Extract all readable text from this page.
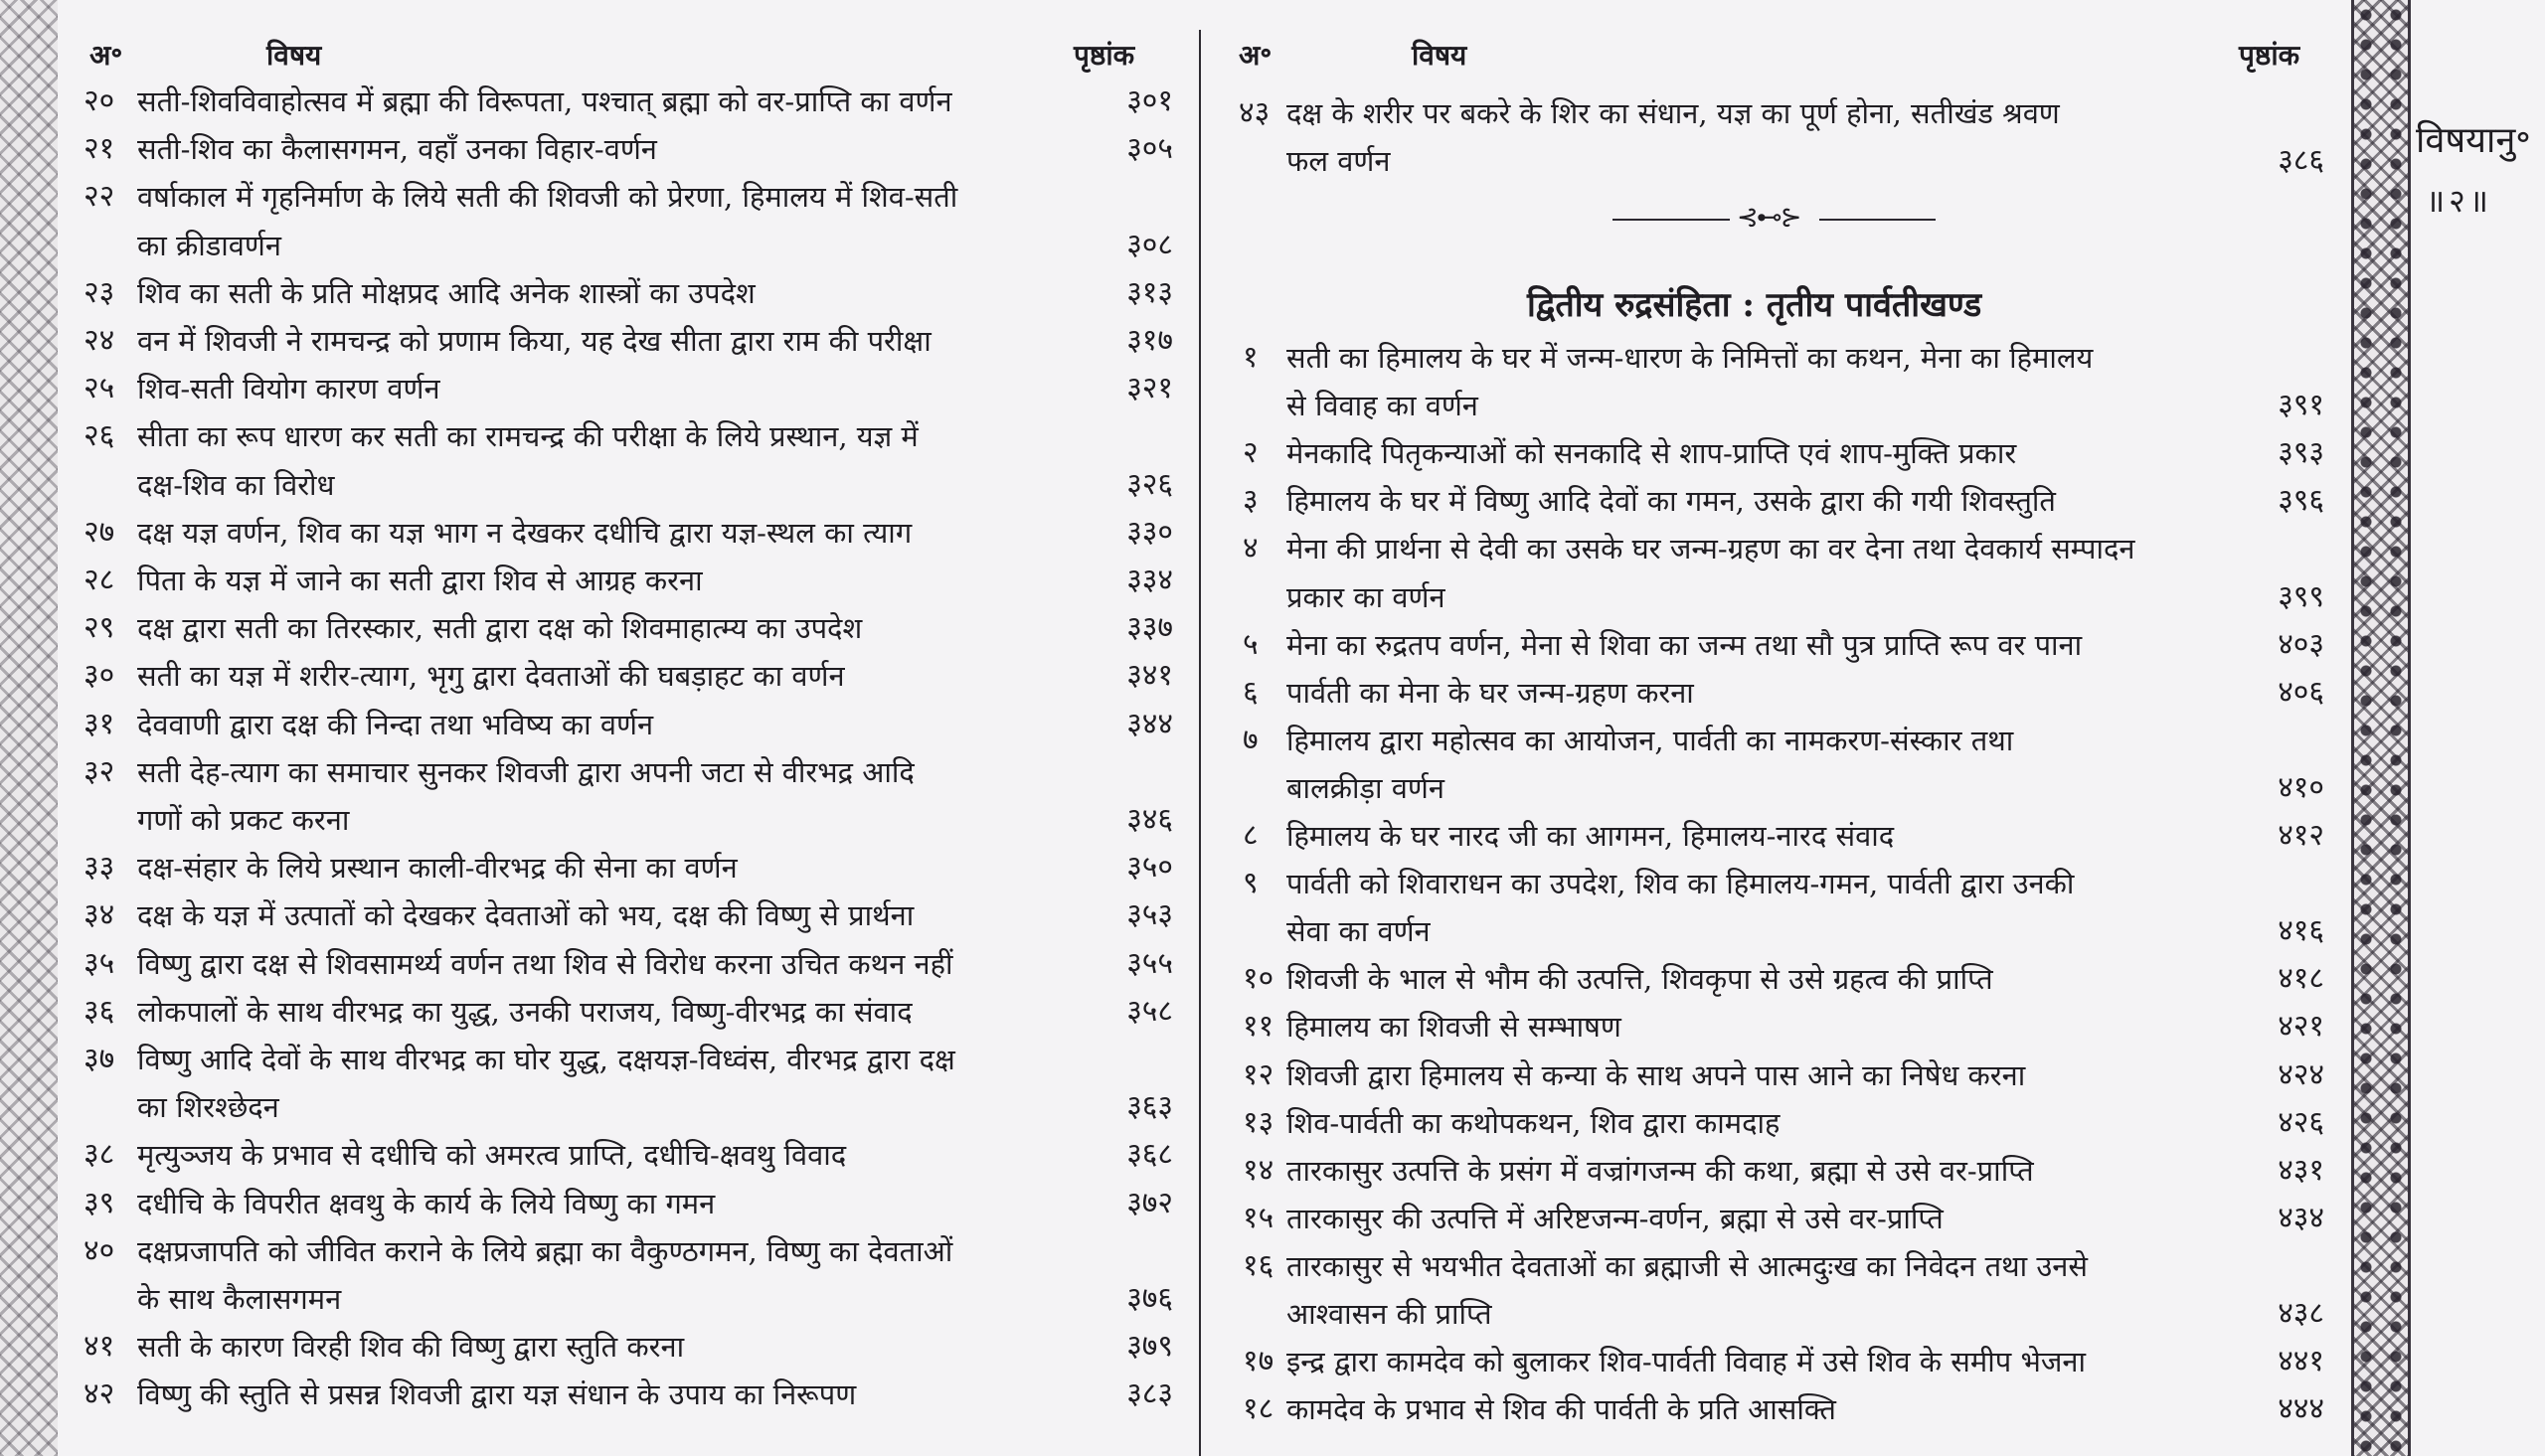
विषयानु॰
॥२॥
अ॰	विषय	पृष्ठांक	अ॰	विषय	पृष्ठांक
२० सती-शिवविवाहोत्सव में ब्रह्मा की विरूपता, पश्चात् ब्रह्मा को वर-प्राप्ति का वर्णन	३०१
२१ सती-शिव का कैलासगमन, वहाँ उनका विहार-वर्णन	३०५
२२ वर्षाकाल में गृहनिर्माण के लिये सती की शिवजी को प्रेरणा, हिमालय में शिव-सती
का क्रीडावर्णन	३०८
२३ शिव का सती के प्रति मोक्षप्रद आदि अनेक शास्त्रों का उपदेश	३१३
२४ वन में शिवजी ने रामचन्द्र को प्रणाम किया, यह देख सीता द्वारा राम की परीक्षा	३१७
२५ शिव-सती वियोग कारण वर्णन	३२१
२६ सीता का रूप धारण कर सती का रामचन्द्र की परीक्षा के लिये प्रस्थान, यज्ञ में
दक्ष-शिव का विरोध	३२६
२७ दक्ष यज्ञ वर्णन, शिव का यज्ञ भाग न देखकर दधीचि द्वारा यज्ञ-स्थल का त्याग	३३०
२८ पिता के यज्ञ में जाने का सती द्वारा शिव से आग्रह करना	३३४
२९ दक्ष द्वारा सती का तिरस्कार, सती द्वारा दक्ष को शिवमाहात्म्य का उपदेश	३३७
३० सती का यज्ञ में शरीर-त्याग, भृगु द्वारा देवताओं की घबड़ाहट का वर्णन	३४१
३१ देववाणी द्वारा दक्ष की निन्दा तथा भविष्य का वर्णन	३४४
३२ सती देह-त्याग का समाचार सुनकर शिवजी द्वारा अपनी जटा से वीरभद्र आदि
गणों को प्रकट करना	३४६
३३ दक्ष-संहार के लिये प्रस्थान काली-वीरभद्र की सेना का वर्णन	३५०
३४ दक्ष के यज्ञ में उत्पातों को देखकर देवताओं को भय, दक्ष की विष्णु से प्रार्थना	३५३
३५ विष्णु द्वारा दक्ष से शिवसामर्थ्य वर्णन तथा शिव से विरोध करना उचित कथन नहीं	३५५
३६ लोकपालों के साथ वीरभद्र का युद्ध, उनकी पराजय, विष्णु-वीरभद्र का संवाद	३५८
३७ विष्णु आदि देवों के साथ वीरभद्र का घोर युद्ध, दक्षयज्ञ-विध्वंस, वीरभद्र द्वारा दक्ष
का शिरश्छेदन	३६३
३८ मृत्युञ्जय के प्रभाव से दधीचि को अमरत्व प्राप्ति, दधीचि-क्षवथु विवाद	३६८
३९ दधीचि के विपरीत क्षवथु के कार्य के लिये विष्णु का गमन	३७२
४० दक्षप्रजापति को जीवित कराने के लिये ब्रह्मा का वैकुण्ठगमन, विष्णु का देवताओं
के साथ कैलासगमन	३७६
४१ सती के कारण विरही शिव की विष्णु द्वारा स्तुति करना	३७९
४२ विष्णु की स्तुति से प्रसन्न शिवजी द्वारा यज्ञ संधान के उपाय का निरूपण	३८३
४३ दक्ष के शरीर पर बकरे के शिर का संधान, यज्ञ का पूर्ण होना, सतीखंड श्रवण
फल वर्णन	३८६
⊰⊷⊱
द्वितीय रुद्रसंहिता : तृतीय पार्वतीखण्ड
१ सती का हिमालय के घर में जन्म-धारण के निमित्तों का कथन, मेना का हिमालय
से विवाह का वर्णन	३९१
२ मेनकादि पितृकन्याओं को सनकादि से शाप-प्राप्ति एवं शाप-मुक्ति प्रकार	३९३
३ हिमालय के घर में विष्णु आदि देवों का गमन, उसके द्वारा की गयी शिवस्तुति	३९६
४ मेना की प्रार्थना से देवी का उसके घर जन्म-ग्रहण का वर देना तथा देवकार्य सम्पादन
प्रकार का वर्णन	३९९
५ मेना का रुद्रतप वर्णन, मेना से शिवा का जन्म तथा सौ पुत्र प्राप्ति रूप वर पाना	४०३
६ पार्वती का मेना के घर जन्म-ग्रहण करना	४०६
७ हिमालय द्वारा महोत्सव का आयोजन, पार्वती का नामकरण-संस्कार तथा
बालक्रीड़ा वर्णन	४१०
८ हिमालय के घर नारद जी का आगमन, हिमालय-नारद संवाद	४१२
९ पार्वती को शिवाराधन का उपदेश, शिव का हिमालय-गमन, पार्वती द्वारा उनकी
सेवा का वर्णन	४१६
१० शिवजी के भाल से भौम की उत्पत्ति, शिवकृपा से उसे ग्रहत्व की प्राप्ति	४१८
११ हिमालय का शिवजी से सम्भाषण	४२१
१२ शिवजी द्वारा हिमालय से कन्या के साथ अपने पास आने का निषेध करना	४२४
१३ शिव-पार्वती का कथोपकथन, शिव द्वारा कामदाह	४२६
१४ तारकासुर उत्पत्ति के प्रसंग में वज्रांगजन्म की कथा, ब्रह्मा से उसे वर-प्राप्ति	४३१
१५ तारकासुर की उत्पत्ति में अरिष्टजन्म-वर्णन, ब्रह्मा से उसे वर-प्राप्ति	४३४
१६ तारकासुर से भयभीत देवताओं का ब्रह्माजी से आत्मदुःख का निवेदन तथा उनसे
आश्वासन की प्राप्ति	४३८
१७ इन्द्र द्वारा कामदेव को बुलाकर शिव-पार्वती विवाह में उसे शिव के समीप भेजना	४४१
१८ कामदेव के प्रभाव से शिव की पार्वती के प्रति आसक्ति	४४४
